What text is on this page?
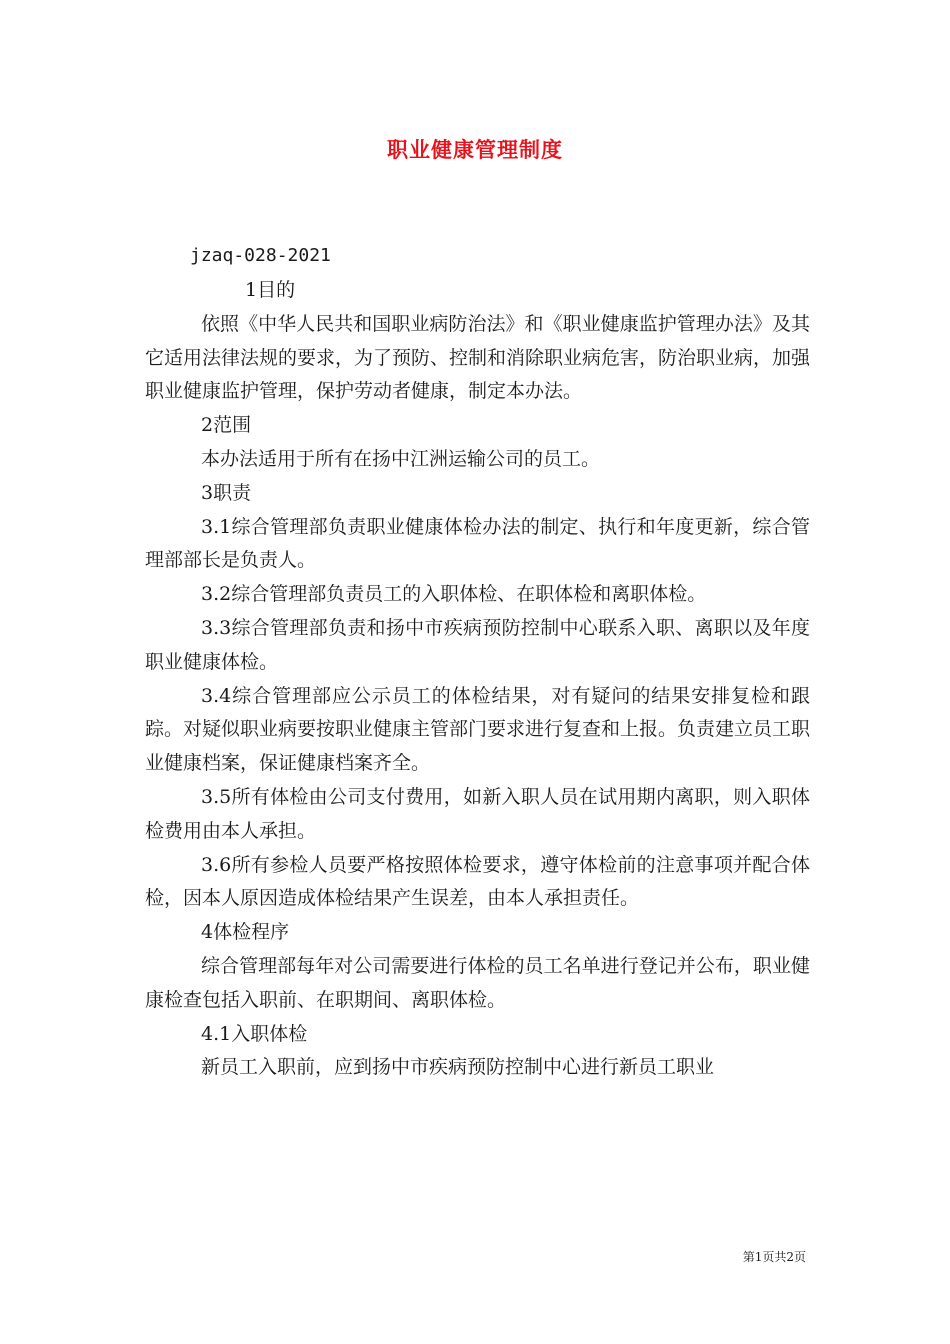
职业健康管理制度
jzaq-028-2021

1目的

依照《中华人民共和国职业病防治法》和《职业健康监护管理办法》及其它适用法律法规的要求，为了预防、控制和消除职业病危害，防治职业病，加强职业健康监护管理，保护劳动者健康，制定本办法。

2范围

本办法适用于所有在扬中江洲运输公司的员工。

3职责

3.1综合管理部负责职业健康体检办法的制定、执行和年度更新，综合管理部部长是负责人。

3.2综合管理部负责员工的入职体检、在职体检和离职体检。

3.3综合管理部负责和扬中市疾病预防控制中心联系入职、离职以及年度职业健康体检。

3.4综合管理部应公示员工的体检结果，对有疑问的结果安排复检和跟踪。对疑似职业病要按职业健康主管部门要求进行复查和上报。负责建立员工职业健康档案，保证健康档案齐全。

3.5所有体检由公司支付费用，如新入职人员在试用期内离职，则入职体检费用由本人承担。

3.6所有参检人员要严格按照体检要求，遵守体检前的注意事项并配合体检，因本人原因造成体检结果产生误差，由本人承担责任。

4体检程序

综合管理部每年对公司需要进行体检的员工名单进行登记并公布，职业健康检查包括入职前、在职期间、离职体检。

4.1入职体检

新员工入职前，应到扬中市疾病预防控制中心进行新员工职业

第1页共2页
